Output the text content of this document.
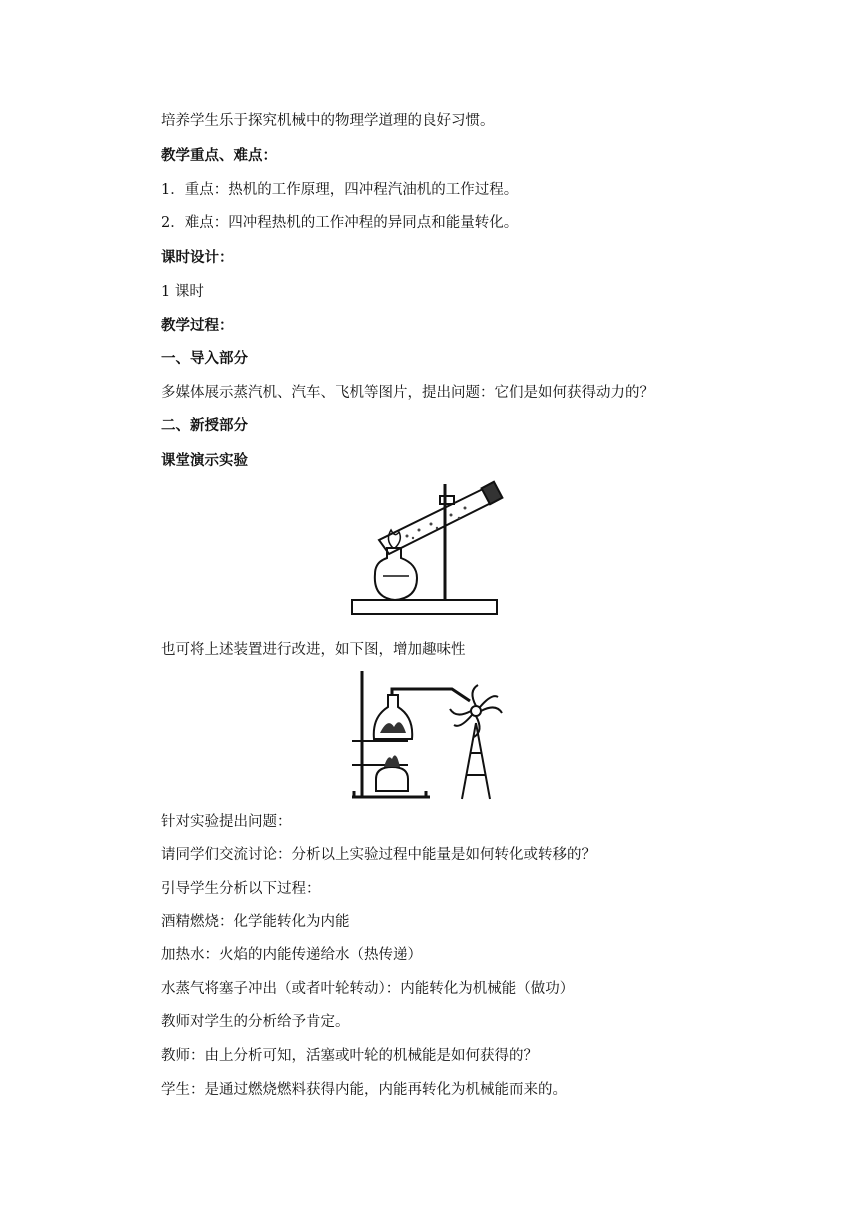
培养学生乐于探究机械中的物理学道理的良好习惯。
教学重点、难点：
1．重点：热机的工作原理，四冲程汽油机的工作过程。
2．难点：四冲程热机的工作冲程的异同点和能量转化。
课时设计：
1 课时
教学过程：
一、导入部分
多媒体展示蒸汽机、汽车、飞机等图片，提出问题：它们是如何获得动力的？
二、新授部分
课堂演示实验
也可将上述装置进行改进，如下图，增加趣味性
针对实验提出问题：
请同学们交流讨论：分析以上实验过程中能量是如何转化或转移的？
引导学生分析以下过程：
酒精燃烧：化学能转化为内能
加热水：火焰的内能传递给水（热传递）
水蒸气将塞子冲出（或者叶轮转动）：内能转化为机械能（做功）
教师对学生的分析给予肯定。
教师：由上分析可知，活塞或叶轮的机械能是如何获得的？
学生：是通过燃烧燃料获得内能，内能再转化为机械能而来的。
